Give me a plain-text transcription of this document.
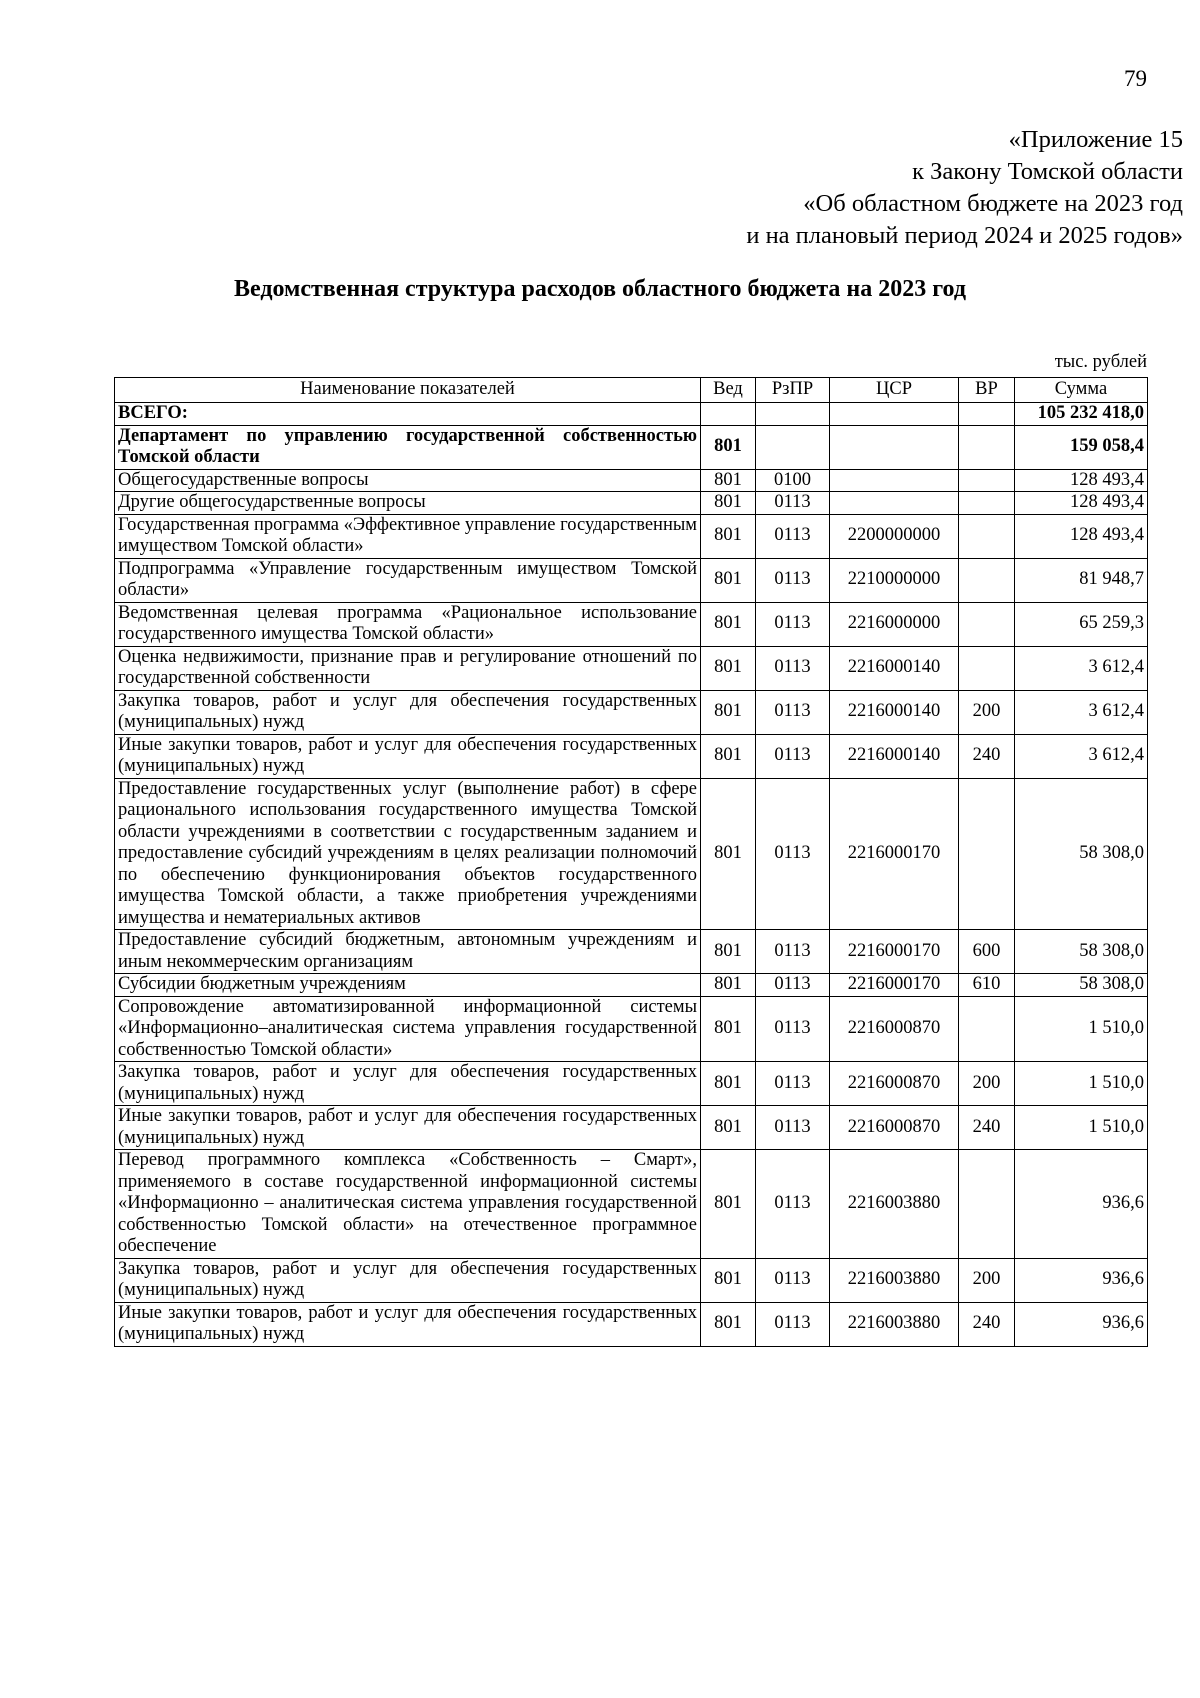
79
«Приложение 15
к Закону Томской области
«Об областном бюджете на 2023 год
и на плановый период 2024 и 2025 годов»
Ведомственная структура расходов областного бюджета на 2023 год
тыс. рублей
Наименование показателей	Вед	РзПР	ЦСР	ВР	Сумма
ВСЕГО:					105 232 418,0
Департамент по управлению государственной собственностью Томской области	801				159 058,4
Общегосударственные вопросы	801	0100			128 493,4
Другие общегосударственные вопросы	801	0113			128 493,4
Государственная программа «Эффективное управление государственным имуществом Томской области»	801	0113	2200000000		128 493,4
Подпрограмма «Управление государственным имуществом Томской области»	801	0113	2210000000		81 948,7
Ведомственная целевая программа «Рациональное использование государственного имущества Томской области»	801	0113	2216000000		65 259,3
Оценка недвижимости, признание прав и регулирование отношений по государственной собственности	801	0113	2216000140		3 612,4
Закупка товаров, работ и услуг для обеспечения государственных (муниципальных) нужд	801	0113	2216000140	200	3 612,4
Иные закупки товаров, работ и услуг для обеспечения государственных (муниципальных) нужд	801	0113	2216000140	240	3 612,4
Предоставление государственных услуг (выполнение работ) в сфере рационального использования государственного имущества Томской области учреждениями в соответствии с государственным заданием и предоставление субсидий учреждениям в целях реализации полномочий по обеспечению функционирования объектов государственного имущества Томской области, а также приобретения учреждениями имущества и нематериальных активов	801	0113	2216000170		58 308,0
Предоставление субсидий бюджетным, автономным учреждениям и иным некоммерческим организациям	801	0113	2216000170	600	58 308,0
Субсидии бюджетным учреждениям	801	0113	2216000170	610	58 308,0
Сопровождение автоматизированной информационной системы «Информационно–аналитическая система управления государственной собственностью Томской области»	801	0113	2216000870		1 510,0
Закупка товаров, работ и услуг для обеспечения государственных (муниципальных) нужд	801	0113	2216000870	200	1 510,0
Иные закупки товаров, работ и услуг для обеспечения государственных (муниципальных) нужд	801	0113	2216000870	240	1 510,0
Перевод программного комплекса «Собственность – Смарт», применяемого в составе государственной информационной системы «Информационно – аналитическая система управления государственной собственностью Томской области» на отечественное программное обеспечение	801	0113	2216003880		936,6
Закупка товаров, работ и услуг для обеспечения государственных (муниципальных) нужд	801	0113	2216003880	200	936,6
Иные закупки товаров, работ и услуг для обеспечения государственных (муниципальных) нужд	801	0113	2216003880	240	936,6
